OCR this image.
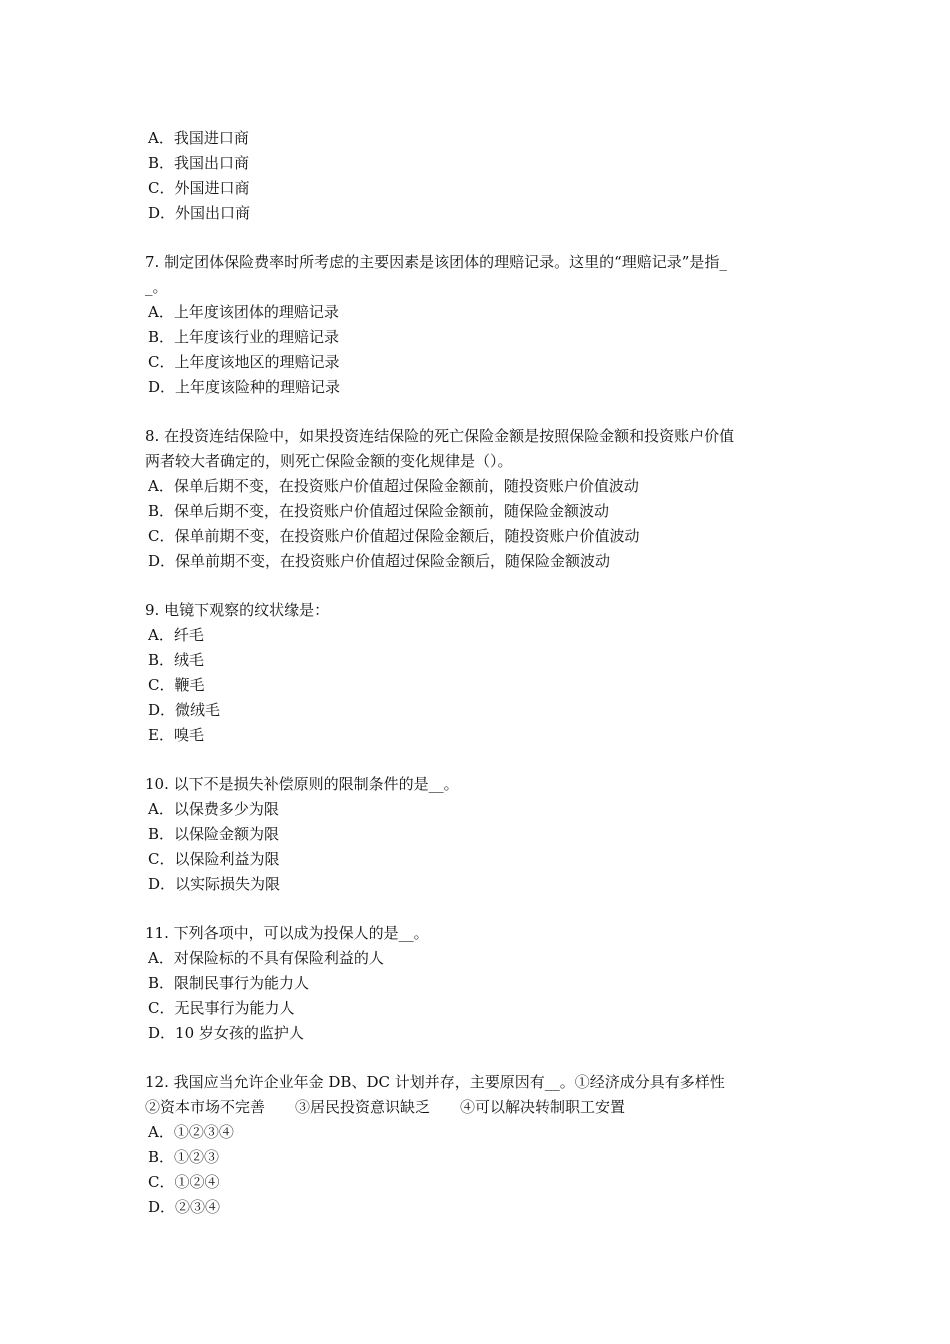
A．我国进口商
B．我国出口商
C．外国进口商
D．外国出口商
7. 制定团体保险费率时所考虑的主要因素是该团体的理赔记录。这里的“理赔记录”是指_
_。
A．上年度该团体的理赔记录
B．上年度该行业的理赔记录
C．上年度该地区的理赔记录
D．上年度该险种的理赔记录
8. 在投资连结保险中，如果投资连结保险的死亡保险金额是按照保险金额和投资账户价值
两者较大者确定的，则死亡保险金额的变化规律是（）。
A．保单后期不变，在投资账户价值超过保险金额前，随投资账户价值波动
B．保单后期不变，在投资账户价值超过保险金额前，随保险金额波动
C．保单前期不变，在投资账户价值超过保险金额后，随投资账户价值波动
D．保单前期不变，在投资账户价值超过保险金额后，随保险金额波动
9. 电镜下观察的纹状缘是：
A．纤毛
B．绒毛
C．鞭毛
D．微绒毛
E．嗅毛
10. 以下不是损失补偿原则的限制条件的是__。
A．以保费多少为限
B．以保险金额为限
C．以保险利益为限
D．以实际损失为限
11. 下列各项中，可以成为投保人的是__。
A．对保险标的不具有保险利益的人
B．限制民事行为能力人
C．无民事行为能力人
D．10 岁女孩的监护人
12. 我国应当允许企业年金 DB、DC 计划并存，主要原因有__。①经济成分具有多样性
②资本市场不完善　　③居民投资意识缺乏　　④可以解决转制职工安置
A．①②③④
B．①②③
C．①②④
D．②③④
